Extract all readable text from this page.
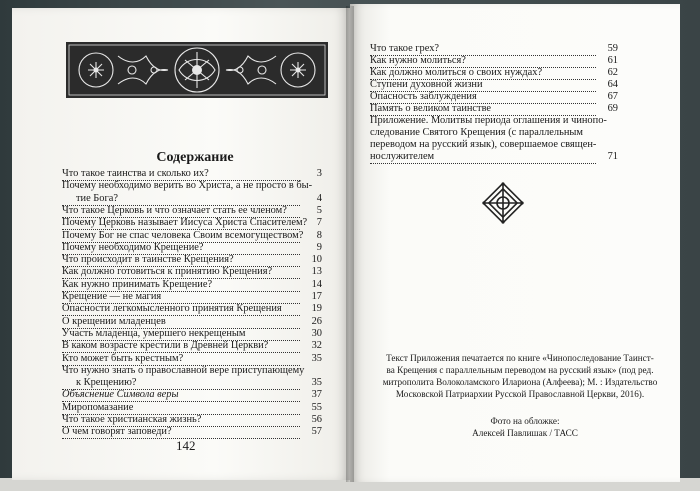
Содержание
Что такое таинства и сколько их?	3
Почему необходимо верить во Христа, а не просто в бы-
тие Бога?	4
Что такое Церковь и что означает стать ее членом?	5
Почему Церковь называет Иисуса Христа Спасителем? 7
Почему Бог не спас человека Своим всемогуществом?	8
Почему необходимо Крещение?	9
Что происходит в таинстве Крещения?	10
Как должно готовиться к принятию Крещения?	13
Как нужно принимать Крещение?	14
Крещение — не магия	17
Опасности легкомысленного принятия Крещения	19
О крещении младенцев	26
Участь младенца, умершего некрещеным	30
В каком возрасте крестили в Древней Церкви?	32
Кто может быть крестным?	35
Что нужно знать о православной вере приступающему
к Крещению?	35
Объяснение Символа веры	37
Миропомазание	55
Что такое христианская жизнь?	56
О чем говорят заповеди?	57
Что такое грех?	59
Как нужно молиться?	61
Как должно молиться о своих нуждах?	62
Ступени духовной жизни	64
Опасность заблуждения	67
Память о великом таинстве	69
Приложение. Молитвы периода оглашения и чинопо-
следование Святого Крещения (с параллельным
переводом на русский язык), совершаемое священ-
нослужителем	71
142
Текст Приложения печатается по книге «Чинопоследование Таинст-
ва Крещения с параллельным переводом на русский язык» (под ред.
митрополита Волоколамского Илариона (Алфеева); М. : Издательство
Московской Патриархии Русской Православной Церкви, 2016).
Фото на обложке:
Алексей Павлишак / ТАСС
